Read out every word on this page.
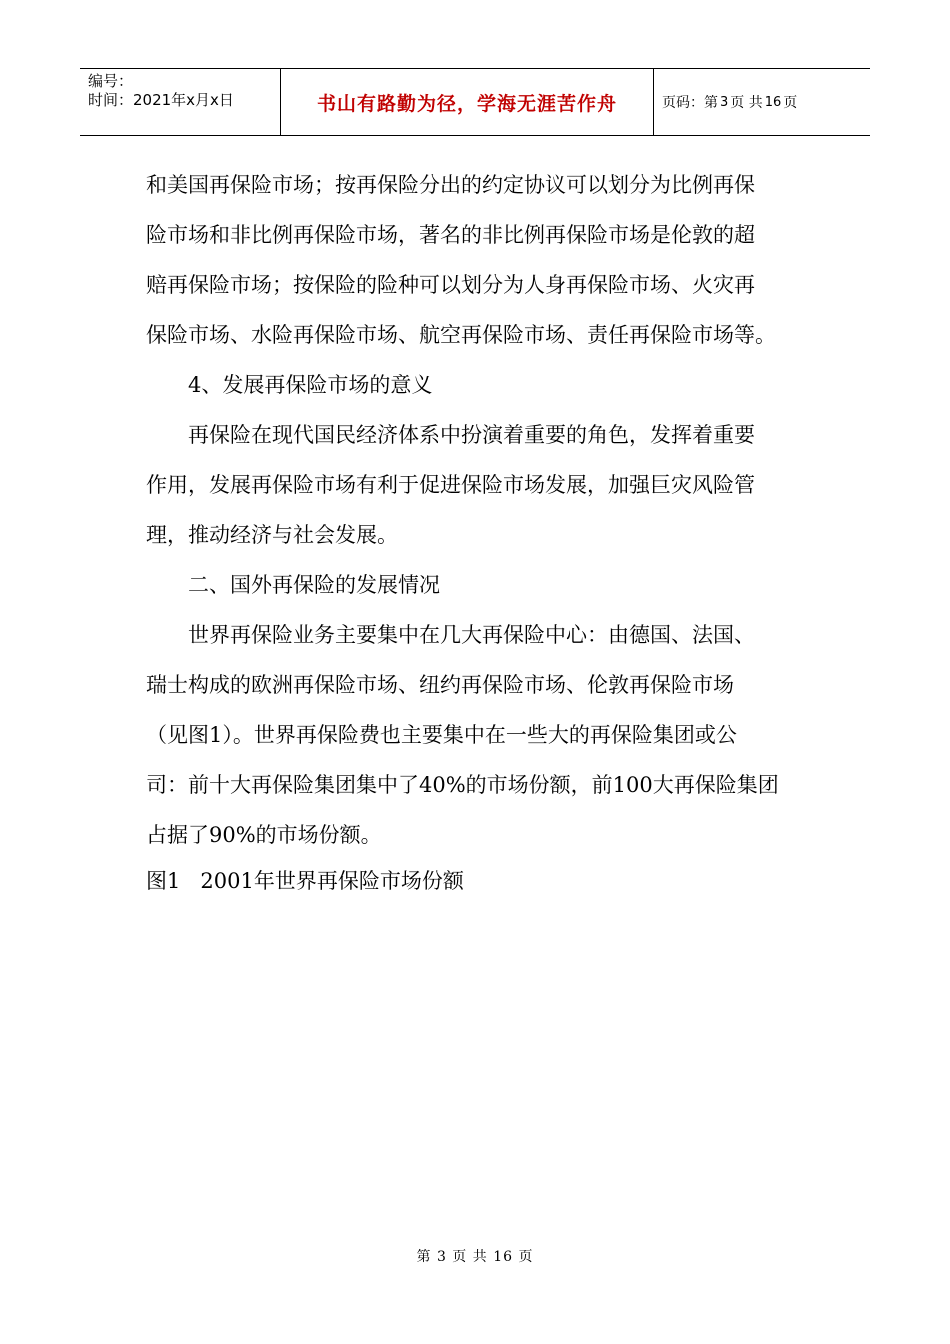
编号：
时间：2021年x月x日	书山有路勤为径，学海无涯苦作舟	页码：第 3 页 共 16 页

和美国再保险市场；按再保险分出的约定协议可以划分为比例再保

险市场和非比例再保险市场，著名的非比例再保险市场是伦敦的超

赔再保险市场；按保险的险种可以划分为人身再保险市场、火灾再

保险市场、水险再保险市场、航空再保险市场、责任再保险市场等。

4、发展再保险市场的意义

再保险在现代国民经济体系中扮演着重要的角色，发挥着重要

作用，发展再保险市场有利于促进保险市场发展，加强巨灾风险管

理，推动经济与社会发展。

二、国外再保险的发展情况

世界再保险业务主要集中在几大再保险中心：由德国、法国、

瑞士构成的欧洲再保险市场、纽约再保险市场、伦敦再保险市场

（见图1）。世界再保险费也主要集中在一些大的再保险集团或公

司：前十大再保险集团集中了40%的市场份额，前100大再保险集团

占据了90%的市场份额。

图1   2001年世界再保险市场份额
第 3 页 共 16 页
